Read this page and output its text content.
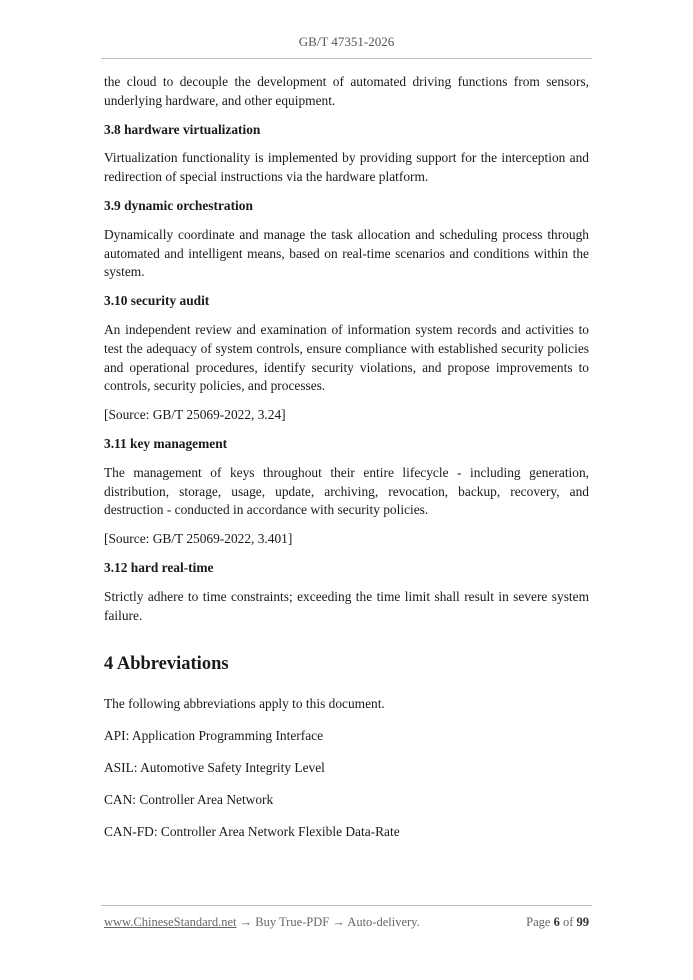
GB/T 47351-2026

the cloud to decouple the development of automated driving functions from sensors, underlying hardware, and other equipment.

3.8 hardware virtualization

Virtualization functionality is implemented by providing support for the interception and redirection of special instructions via the hardware platform.

3.9 dynamic orchestration

Dynamically coordinate and manage the task allocation and scheduling process through automated and intelligent means, based on real-time scenarios and conditions within the system.

3.10 security audit

An independent review and examination of information system records and activities to test the adequacy of system controls, ensure compliance with established security policies and operational procedures, identify security violations, and propose improvements to controls, security policies, and processes.

[Source: GB/T 25069-2022, 3.24]

3.11 key management

The management of keys throughout their entire lifecycle - including generation, distribution, storage, usage, update, archiving, revocation, backup, recovery, and destruction - conducted in accordance with security policies.

[Source: GB/T 25069-2022, 3.401]

3.12 hard real-time

Strictly adhere to time constraints; exceeding the time limit shall result in severe system failure.

4 Abbreviations

The following abbreviations apply to this document.

API: Application Programming Interface

ASIL: Automotive Safety Integrity Level

CAN: Controller Area Network

CAN-FD: Controller Area Network Flexible Data-Rate

www.ChineseStandard.net → Buy True-PDF → Auto-delivery.	Page 6 of 99
